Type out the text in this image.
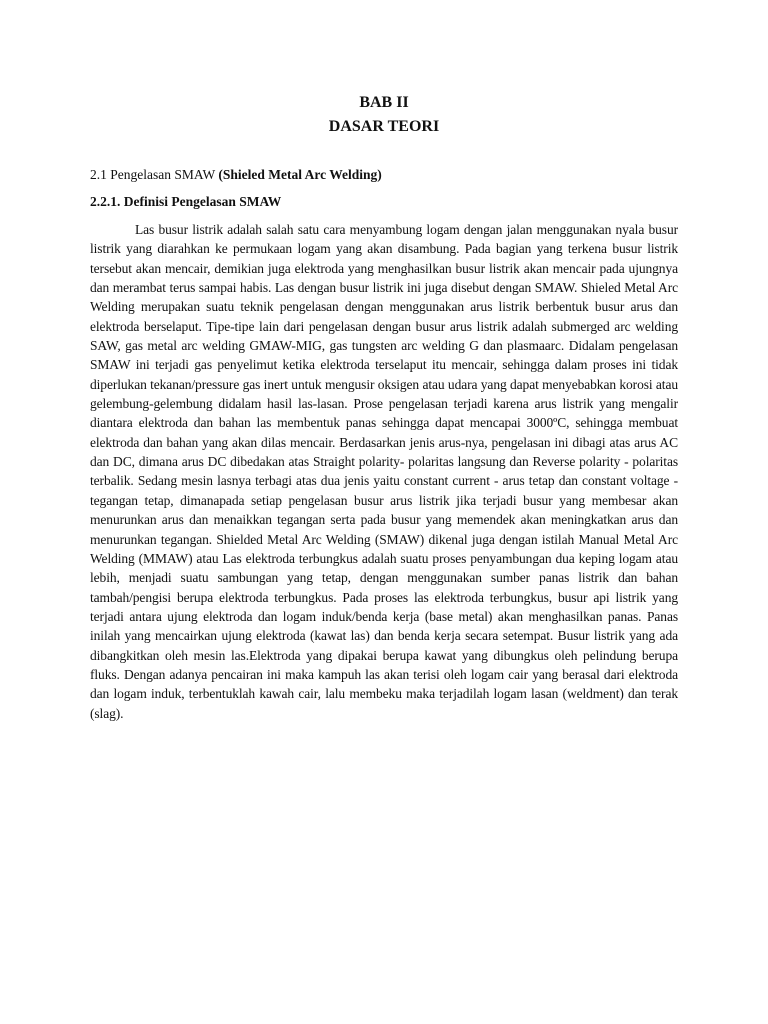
BAB II
DASAR TEORI
2.1 Pengelasan SMAW (Shieled Metal Arc Welding)
2.2.1. Definisi Pengelasan SMAW

Las busur listrik adalah salah satu cara menyambung logam dengan jalan menggunakan nyala busur listrik yang diarahkan ke permukaan logam yang akan disambung. Pada bagian yang terkena busur listrik tersebut akan mencair, demikian juga elektroda yang menghasilkan busur listrik akan mencair pada ujungnya dan merambat terus sampai habis. Las dengan busur listrik ini juga disebut dengan SMAW. Shieled Metal Arc Welding merupakan suatu teknik pengelasan dengan menggunakan arus listrik berbentuk busur arus dan elektroda berselaput. Tipe-tipe lain dari pengelasan dengan busur arus listrik adalah submerged arc welding SAW, gas metal arc welding GMAW-MIG, gas tungsten arc welding G dan plasmaarc. Didalam pengelasan SMAW ini terjadi gas penyelimut ketika elektroda terselaput itu mencair, sehingga dalam proses ini tidak diperlukan tekanan/pressure gas inert untuk mengusir oksigen atau udara yang dapat menyebabkan korosi atau gelembung-gelembung didalam hasil las-lasan. Prose pengelasan terjadi karena arus listrik yang mengalir diantara elektroda dan bahan las membentuk panas sehingga dapat mencapai 3000ºC, sehingga membuat elektroda dan bahan yang akan dilas mencair. Berdasarkan jenis arus-nya, pengelasan ini dibagi atas arus AC dan DC, dimana arus DC dibedakan atas Straight polarity- polaritas langsung dan Reverse polarity - polaritas terbalik. Sedang mesin lasnya terbagi atas dua jenis yaitu constant current - arus tetap dan constant voltage - tegangan tetap, dimanapada setiap pengelasan busur arus listrik jika terjadi busur yang membesar akan menurunkan arus dan menaikkan tegangan serta pada busur yang memendek akan meningkatkan arus dan menurunkan tegangan. Shielded Metal Arc Welding (SMAW) dikenal juga dengan istilah Manual Metal Arc Welding (MMAW) atau Las elektroda terbungkus adalah suatu proses penyambungan dua keping logam atau lebih, menjadi suatu sambungan yang tetap, dengan menggunakan sumber panas listrik dan bahan tambah/pengisi berupa elektroda terbungkus. Pada proses las elektroda terbungkus, busur api listrik yang terjadi antara ujung elektroda dan logam induk/benda kerja (base metal) akan menghasilkan panas. Panas inilah yang mencairkan ujung elektroda (kawat las) dan benda kerja secara setempat. Busur listrik yang ada dibangkitkan oleh mesin las.Elektroda yang dipakai berupa kawat yang dibungkus oleh pelindung berupa fluks. Dengan adanya pencairan ini maka kampuh las akan terisi oleh logam cair yang berasal dari elektroda dan logam induk, terbentuklah kawah cair, lalu membeku maka terjadilah logam lasan (weldment) dan terak (slag).
